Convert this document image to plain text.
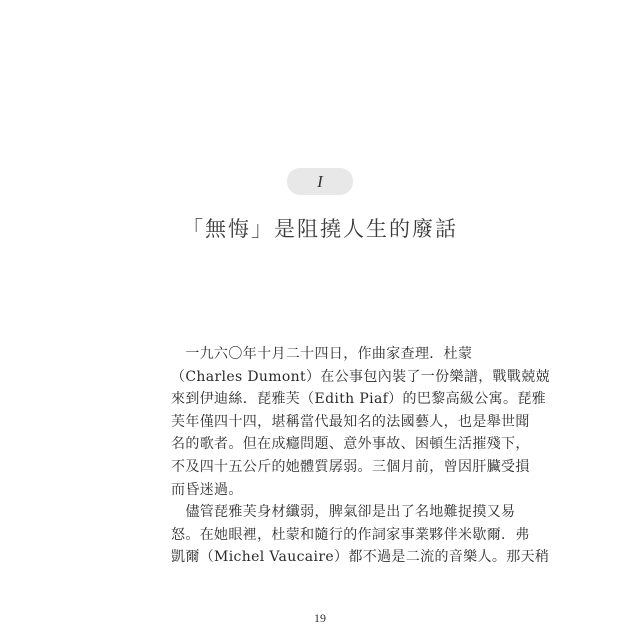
I
「無悔」是阻撓人生的廢話
　一九六〇年十月二十四日，作曲家查理．杜蒙
（Charles Dumont）在公事包內裝了一份樂譜，戰戰兢兢
來到伊迪絲．琵雅芙（Edith Piaf）的巴黎高級公寓。琵雅
芙年僅四十四，堪稱當代最知名的法國藝人，也是舉世聞
名的歌者。但在成癮問題、意外事故、困頓生活摧殘下，
不及四十五公斤的她體質孱弱。三個月前，曾因肝臟受損
而昏迷過。
　儘管琵雅芙身材纖弱，脾氣卻是出了名地難捉摸又易
怒。在她眼裡，杜蒙和隨行的作詞家事業夥伴米歇爾．弗
凱爾（Michel Vaucaire）都不過是二流的音樂人。那天稍
19
